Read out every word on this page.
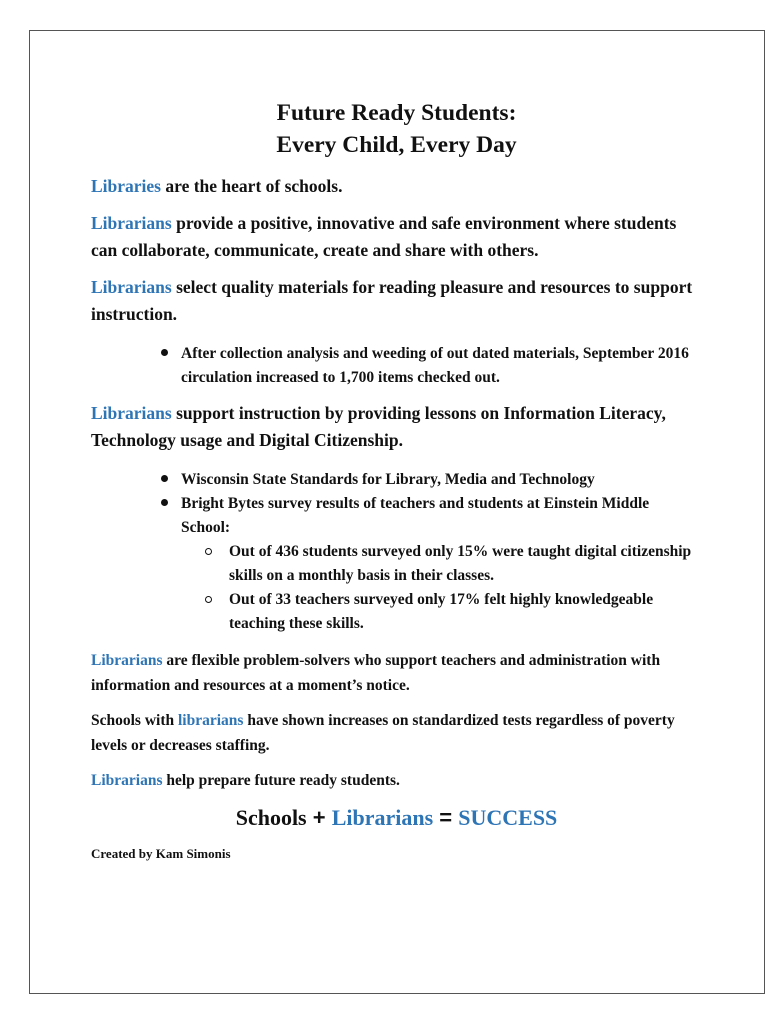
Future Ready Students:
Every Child, Every Day

Libraries are the heart of schools.

Librarians provide a positive, innovative and safe environment where students can collaborate, communicate, create and share with others.

Librarians select quality materials for reading pleasure and resources to support instruction.

After collection analysis and weeding of out dated materials, September 2016 circulation increased to 1,700 items checked out.

Librarians support instruction by providing lessons on Information Literacy, Technology usage and Digital Citizenship.

Wisconsin State Standards for Library, Media and Technology
Bright Bytes survey results of teachers and students at Einstein Middle School:
Out of 436 students surveyed only 15% were taught digital citizenship skills on a monthly basis in their classes.
Out of 33 teachers surveyed only 17% felt highly knowledgeable teaching these skills.

Librarians are flexible problem-solvers who support teachers and administration with information and resources at a moment’s notice.

Schools with librarians have shown increases on standardized tests regardless of poverty levels or decreases staffing.

Librarians help prepare future ready students.

Schools + Librarians = SUCCESS

Created by Kam Simonis
